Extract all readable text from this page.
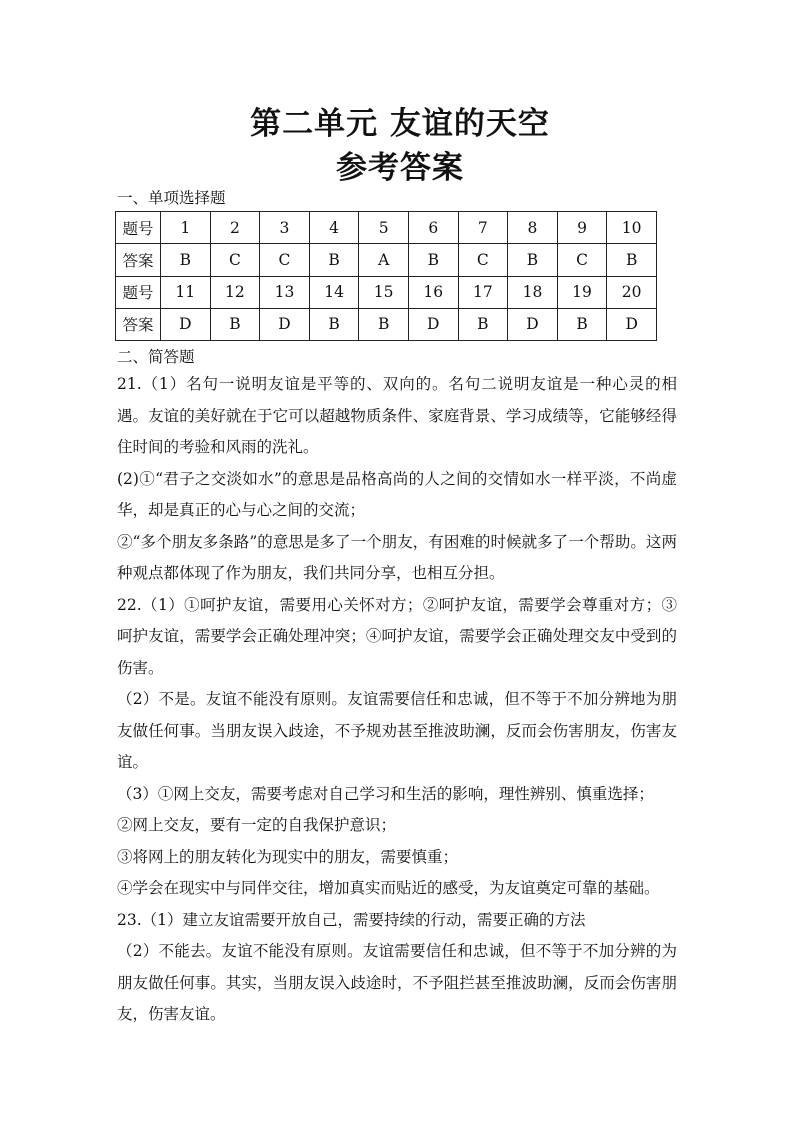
第二单元 友谊的天空
参考答案

一、单项选择题

题号	1	2	3	4	5	6	7	8	9	10
答案	B	C	C	B	A	B	C	B	C	B
题号	11	12	13	14	15	16	17	18	19	20
答案	D	B	D	B	B	D	B	D	B	D

二、简答题

21.（1）名句一说明友谊是平等的、双向的。名句二说明友谊是一种心灵的相遇。友谊的美好就在于它可以超越物质条件、家庭背景、学习成绩等，它能够经得住时间的考验和风雨的洗礼。

(2)①“君子之交淡如水”的意思是品格高尚的人之间的交情如水一样平淡，不尚虚华，却是真正的心与心之间的交流；

②“多个朋友多条路”的意思是多了一个朋友，有困难的时候就多了一个帮助。这两种观点都体现了作为朋友，我们共同分享，也相互分担。

22.（1）①呵护友谊，需要用心关怀对方；②呵护友谊，需要学会尊重对方；③呵护友谊，需要学会正确处理冲突；④呵护友谊，需要学会正确处理交友中受到的伤害。

（2）不是。友谊不能没有原则。友谊需要信任和忠诚，但不等于不加分辨地为朋友做任何事。当朋友误入歧途，不予规劝甚至推波助澜，反而会伤害朋友，伤害友谊。

（3）①网上交友，需要考虑对自己学习和生活的影响，理性辨别、慎重选择；

②网上交友，要有一定的自我保护意识；

③将网上的朋友转化为现实中的朋友，需要慎重；

④学会在现实中与同伴交往，增加真实而贴近的感受，为友谊奠定可靠的基础。

23.（1）建立友谊需要开放自己，需要持续的行动，需要正确的方法

（2）不能去。友谊不能没有原则。友谊需要信任和忠诚，但不等于不加分辨的为朋友做任何事。其实，当朋友误入歧途时，不予阻拦甚至推波助澜，反而会伤害朋友，伤害友谊。
